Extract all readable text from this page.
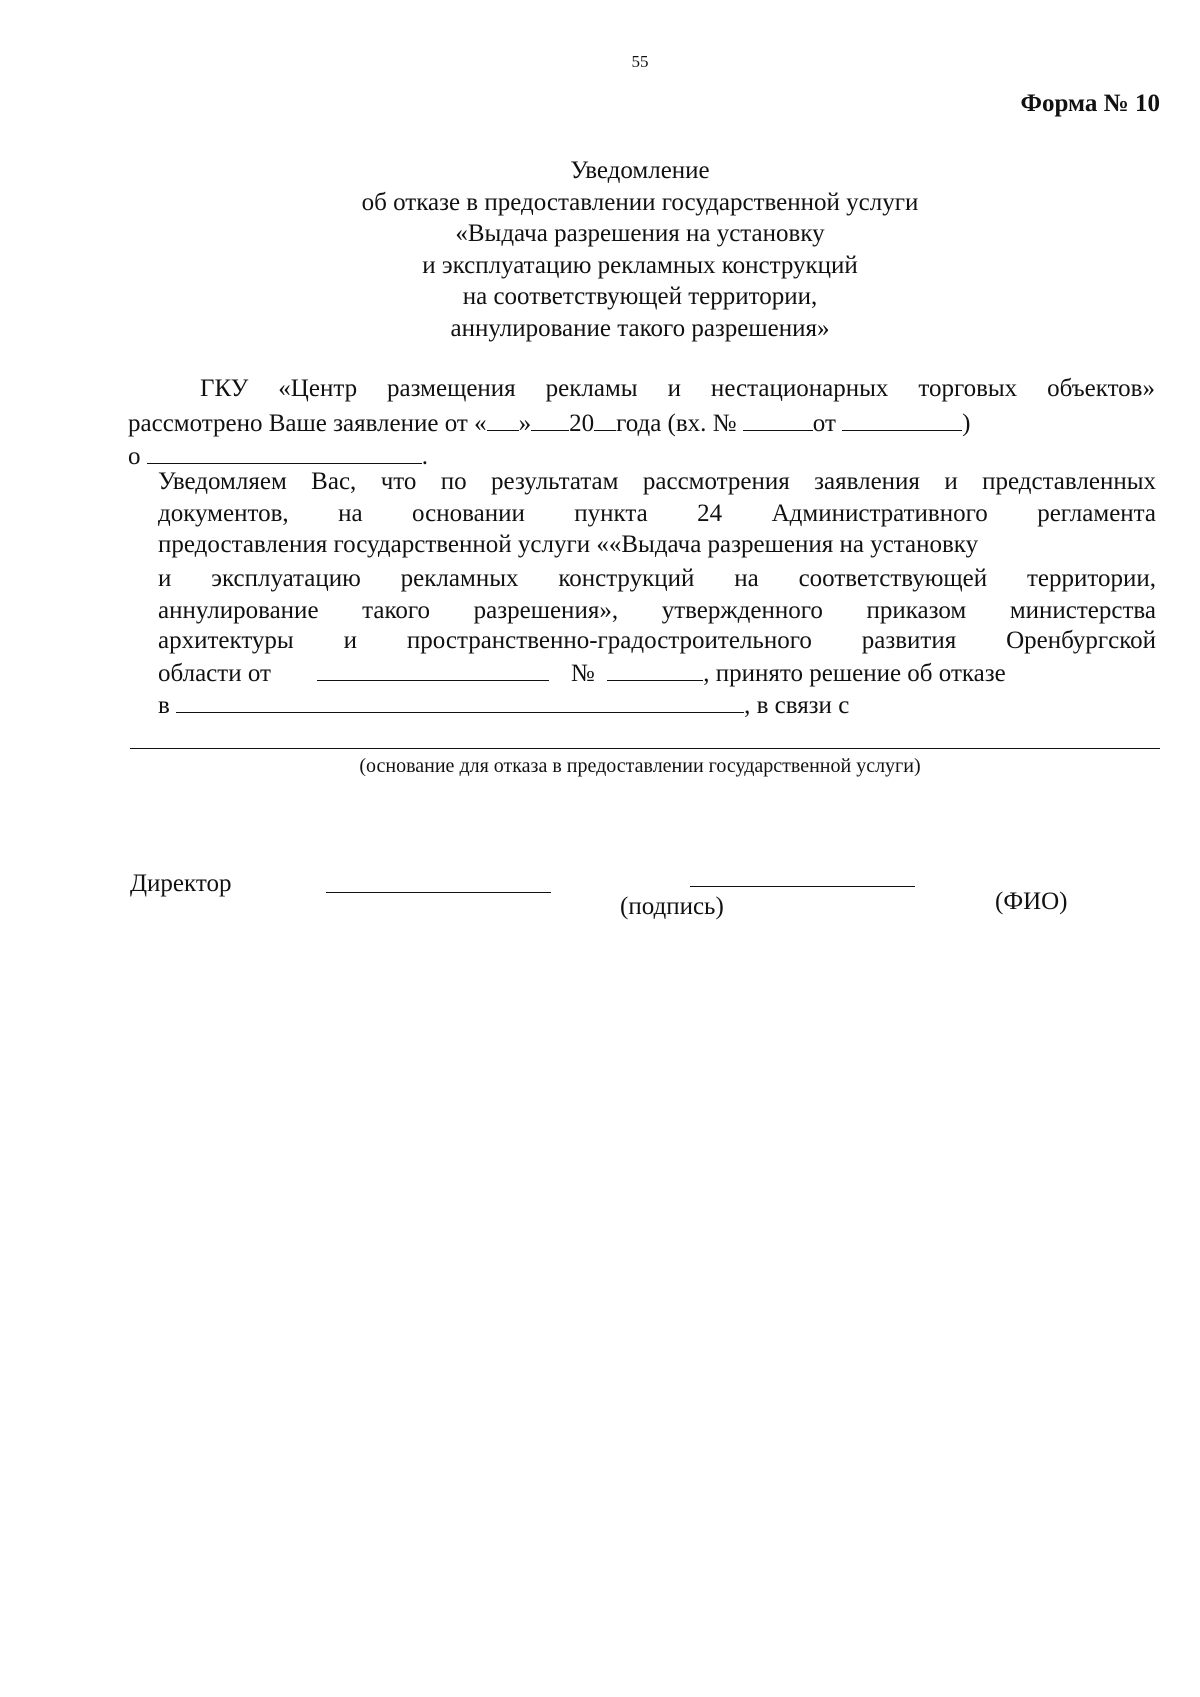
55
Форма № 10
Уведомление
об отказе в предоставлении государственной услуги
«Выдача разрешения на установку
и эксплуатацию рекламных конструкций
на соответствующей территории,
аннулирование такого разрешения»
ГКУ «Центр размещения рекламы и нестационарных торговых объектов»
рассмотрено Ваше заявление от « » 20 года (вх. №	от	)
о	.
Уведомляем Вас, что по результатам рассмотрения заявления и представленных
документов, на основании пункта 24 Административного регламента
предоставления государственной услуги ««Выдача разрешения на установку
и эксплуатацию рекламных конструкций на соответствующей территории,
аннулирование такого разрешения», утвержденного приказом министерства
архитектуры и пространственно-градостроительного развития Оренбургской
области от	№	, принято решение об отказе
в	, в связи с
(основание для отказа в предоставлении государственной услуги)
Директор
(подпись)	(ФИО)
